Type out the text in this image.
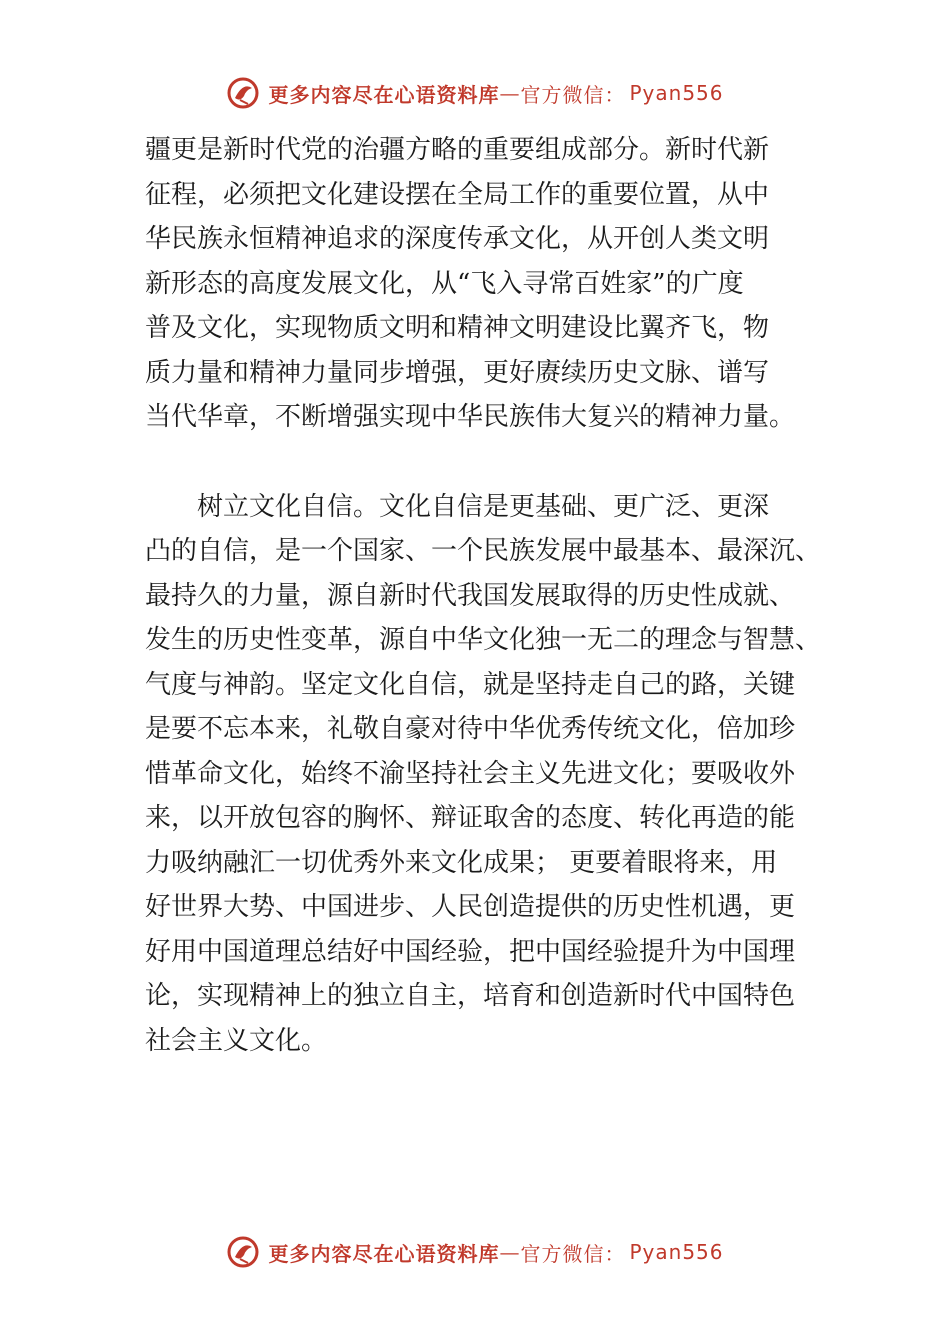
更多内容尽在心语资料库 — 官方微信： Pyan556
疆更是新时代党的治疆方略的重要组成部分。新时代新
征程，必须把文化建设摆在全局工作的重要位置，从中
华民族永恒精神追求的深度传承文化，从开创人类文明
新形态的高度发展文化，从“飞入寻常百姓家”的广度
普及文化，实现物质文明和精神文明建设比翼齐飞，物
质力量和精神力量同步增强，更好赓续历史文脉、谱写
当代华章，不断增强实现中华民族伟大复兴的精神力量。
树立文化自信。文化自信是更基础、更广泛、更深
凸的自信，是一个国家、一个民族发展中最基本、最深沉、
最持久的力量，源自新时代我国发展取得的历史性成就、
发生的历史性变革，源自中华文化独一无二的理念与智慧、
气度与神韵。坚定文化自信，就是坚持走自己的路，关键
是要不忘本来，礼敬自豪对待中华优秀传统文化，倍加珍
惜革命文化，始终不渝坚持社会主义先进文化；要吸收外
来，以开放包容的胸怀、辩证取舍的态度、转化再造的能
力吸纳融汇一切优秀外来文化成果； 更要着眼将来，用
好世界大势、中国进步、人民创造提供的历史性机遇，更
好用中国道理总结好中国经验，把中国经验提升为中国理
论，实现精神上的独立自主，培育和创造新时代中国特色
社会主义文化。
更多内容尽在心语资料库 — 官方微信： Pyan556
